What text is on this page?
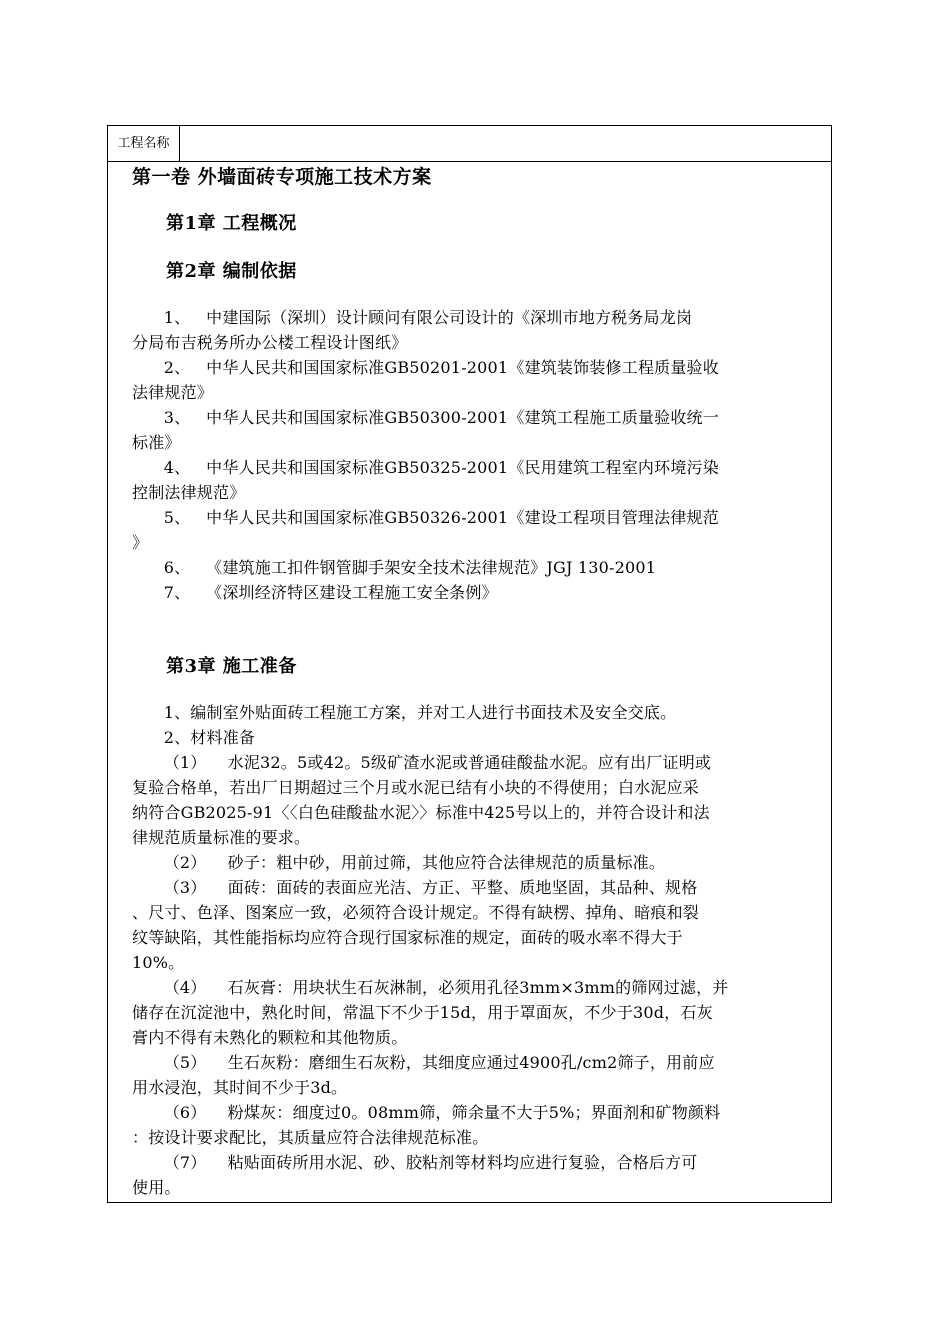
工程名称
第一卷 外墙面砖专项施工技术方案
第1章 工程概况
第2章 编制依据
1、   中建国际（深圳）设计顾问有限公司设计的《深圳市地方税务局龙岗
分局布吉税务所办公楼工程设计图纸》
2、   中华人民共和国国家标准GB50201-2001《建筑装饰装修工程质量验收
法律规范》
3、   中华人民共和国国家标准GB50300-2001《建筑工程施工质量验收统一
标准》
4、   中华人民共和国国家标准GB50325-2001《民用建筑工程室内环境污染
控制法律规范》
5、   中华人民共和国国家标准GB50326-2001《建设工程项目管理法律规范
》
6、   《建筑施工扣件钢管脚手架安全技术法律规范》JGJ 130-2001
7、   《深圳经济特区建设工程施工安全条例》
第3章 施工准备
1、编制室外贴面砖工程施工方案，并对工人进行书面技术及安全交底。
2、材料准备
（1）    水泥32。5或42。5级矿渣水泥或普通硅酸盐水泥。应有出厂证明或
复验合格单，若出厂日期超过三个月或水泥已结有小块的不得使用；白水泥应采
纳符合GB2025-91〈〈白色硅酸盐水泥〉〉标准中425号以上的，并符合设计和法
律规范质量标准的要求。
（2）    砂子：粗中砂，用前过筛，其他应符合法律规范的质量标准。
（3）    面砖：面砖的表面应光洁、方正、平整、质地坚固，其品种、规格
、尺寸、色泽、图案应一致，必须符合设计规定。不得有缺楞、掉角、暗痕和裂
纹等缺陷，其性能指标均应符合现行国家标准的规定，面砖的吸水率不得大于
10%。
（4）    石灰膏：用块状生石灰淋制，必须用孔径3mm×3mm的筛网过滤，并
储存在沉淀池中，熟化时间，常温下不少于15d，用于罩面灰，不少于30d，石灰
膏内不得有未熟化的颗粒和其他物质。
（5）    生石灰粉：磨细生石灰粉，其细度应通过4900孔/cm2筛子，用前应
用水浸泡，其时间不少于3d。
（6）    粉煤灰：细度过0。08mm筛，筛余量不大于5%；界面剂和矿物颜料
：按设计要求配比，其质量应符合法律规范标准。
（7）    粘贴面砖所用水泥、砂、胶粘剂等材料均应进行复验，合格后方可
使用。
